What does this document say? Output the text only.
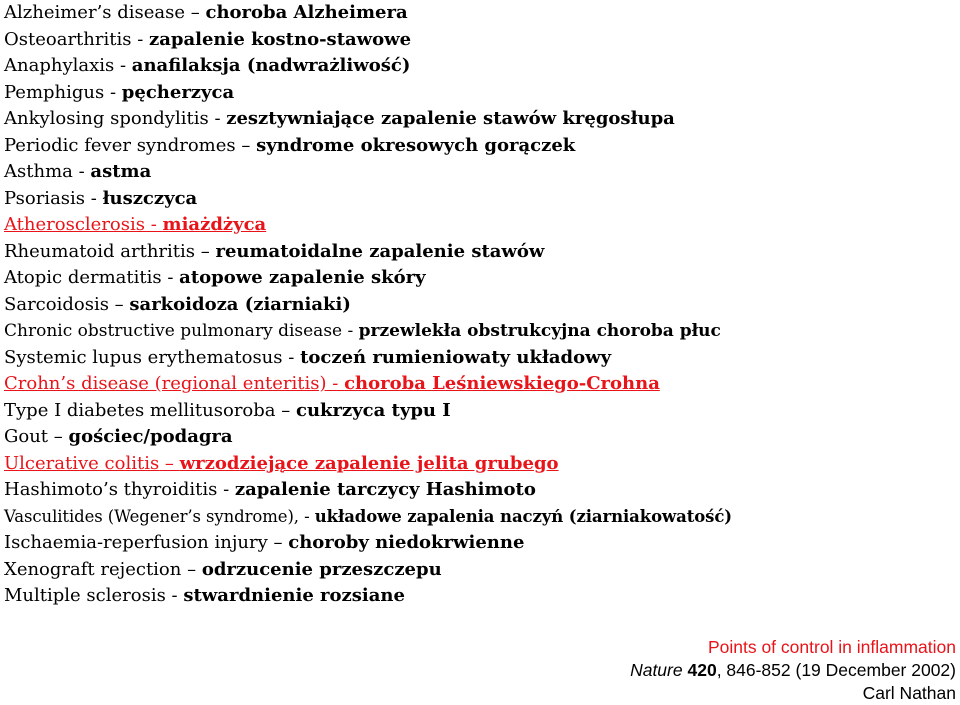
Alzheimer’s disease – choroba Alzheimera
Osteoarthritis - zapalenie kostno-stawowe
Anaphylaxis - anafilaksja (nadwrażliwość)
Pemphigus - pęcherzyca
Ankylosing spondylitis - zesztywniające zapalenie stawów kręgosłupa
Periodic fever syndromes – syndrome okresowych gorączek
Asthma - astma
Psoriasis - łuszczyca
Atherosclerosis - miażdżyca
Rheumatoid arthritis – reumatoidalne zapalenie stawów
Atopic dermatitis - atopowe zapalenie skóry
Sarcoidosis – sarkoidoza (ziarniaki)
Chronic obstructive pulmonary disease - przewlekła obstrukcyjna choroba płuc
Systemic lupus erythematosus - toczeń rumieniowaty układowy
Crohn’s disease (regional enteritis) - choroba Leśniewskiego-Crohna
Type I diabetes mellitusoroba – cukrzyca typu I
Gout – gościec/podagra
Ulcerative colitis – wrzodziejące zapalenie jelita grubego
Hashimoto’s thyroiditis - zapalenie tarczycy Hashimoto
Vasculitides (Wegener’s syndrome), - układowe zapalenia naczyń (ziarniakowatość)
Ischaemia-reperfusion injury – choroby niedokrwienne
Xenograft rejection – odrzucenie przeszczepu
Multiple sclerosis - stwardnienie rozsiane
Points of control in inflammation
Nature 420, 846-852 (19 December 2002)
Carl Nathan
